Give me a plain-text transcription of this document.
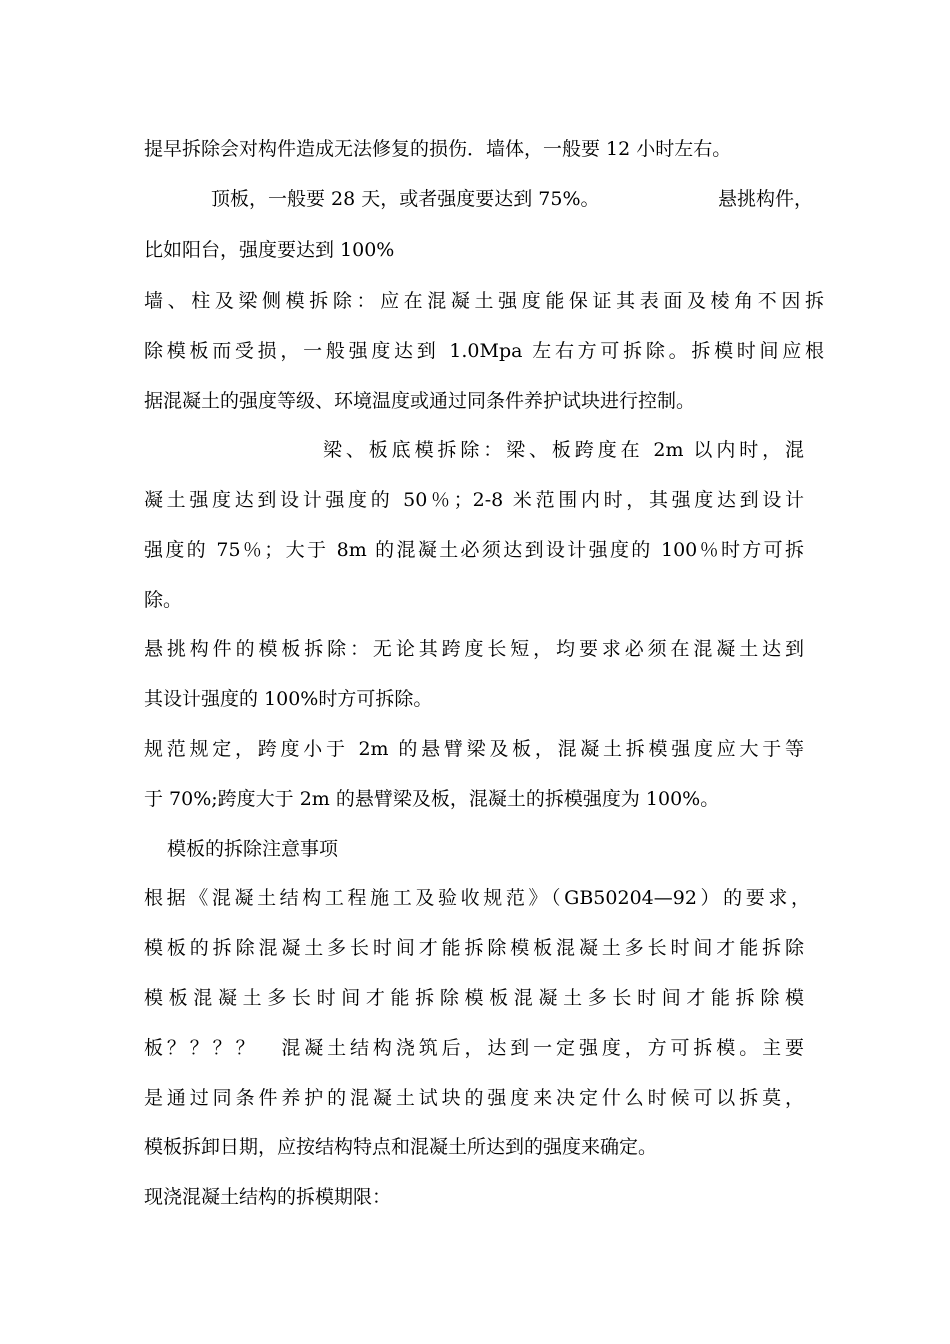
提早拆除会对构件造成无法修复的损伤．墙体，一般要 12 小时左右。
顶板，一般要 28 天，或者强度要达到 75%。	悬挑构件，
比如阳台，强度要达到 100%
墙、柱及梁侧模拆除：应在混凝土强度能保证其表面及棱角不因拆
除模板而受损，一般强度达到 1.0Mpa 左右方可拆除。拆模时间应根
据混凝土的强度等级、环境温度或通过同条件养护试块进行控制。
梁、板底模拆除：梁、板跨度在 2m 以内时，混
凝土强度达到设计强度的 50％；2-8 米范围内时，其强度达到设计
强度的 75％；大于 8m 的混凝土必须达到设计强度的 100％时方可拆
除。
悬挑构件的模板拆除：无论其跨度长短，均要求必须在混凝土达到
其设计强度的 100%时方可拆除。
规范规定，跨度小于 2m 的悬臂梁及板，混凝土拆模强度应大于等
于 70%;跨度大于 2m 的悬臂梁及板，混凝土的拆模强度为 100%。
模板的拆除注意事项
根据《混凝土结构工程施工及验收规范》（GB50204—92）的要求，
模板的拆除混凝土多长时间才能拆除模板混凝土多长时间才能拆除
模板混凝土多长时间才能拆除模板混凝土多长时间才能拆除模
板？？？？　混凝土结构浇筑后，达到一定强度，方可拆模。主要
是通过同条件养护的混凝土试块的强度来决定什么时候可以拆莫，
模板拆卸日期，应按结构特点和混凝土所达到的强度来确定。
现浇混凝土结构的拆模期限：
